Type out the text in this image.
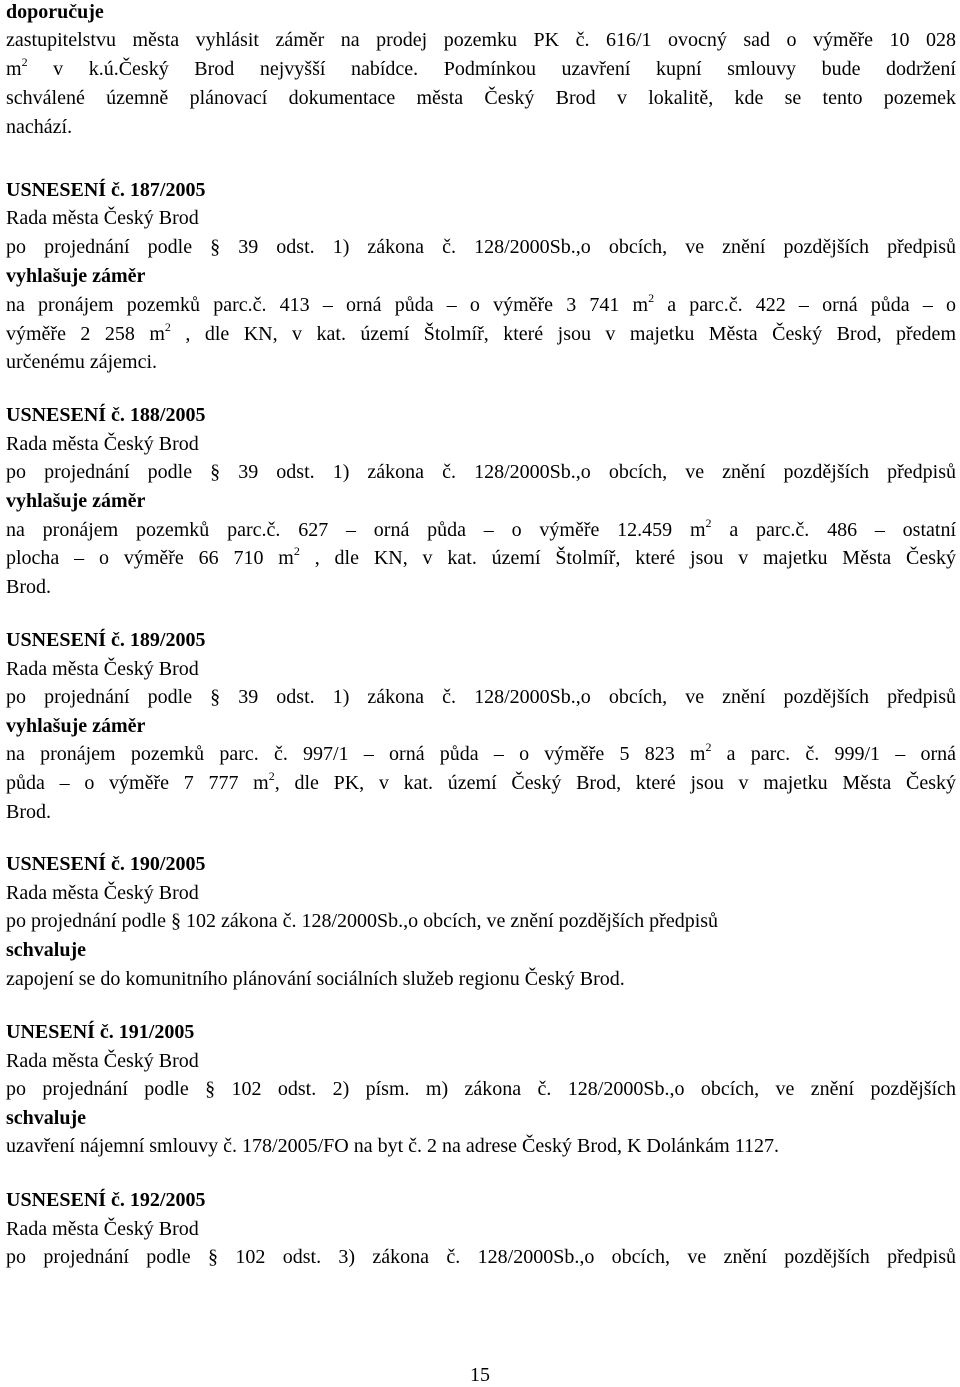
doporučuje
zastupitelstvu města vyhlásit záměr na prodej pozemku PK č. 616/1 ovocný sad o výměře 10 028
$m^2$ v k.ú.Český Brod nejvyšší nabídce. Podmínkou uzavření kupní smlouvy bude dodržení
schválené územně plánovací dokumentace města Český Brod v lokalitě, kde se tento pozemek
nachází.
USNESENÍ č. 187/2005
Rada města Český Brod
po projednání podle § 39 odst. 1) zákona č. 128/2000Sb.,o obcích, ve znění pozdějších předpisů
vyhlašuje záměr
na pronájem pozemků parc.č. 413 – orná půda – o výměře 3 741 $m^2$ a parc.č. 422 – orná půda – o
výměře 2 258 $m^2$ , dle KN, v kat. území Štolmíř, které jsou v majetku Města Český Brod, předem
určenému zájemci.
USNESENÍ č. 188/2005
Rada města Český Brod
po projednání podle § 39 odst. 1) zákona č. 128/2000Sb.,o obcích, ve znění pozdějších předpisů
vyhlašuje záměr
na pronájem pozemků parc.č. 627 – orná půda – o výměře 12.459 $m^2$ a parc.č. 486 – ostatní
plocha – o výměře 66 710 $m^2$ , dle KN, v kat. území Štolmíř, které jsou v majetku Města Český
Brod.
USNESENÍ č. 189/2005
Rada města Český Brod
po projednání podle § 39 odst. 1) zákona č. 128/2000Sb.,o obcích, ve znění pozdějších předpisů
vyhlašuje záměr
na pronájem pozemků parc. č. 997/1 – orná půda – o výměře 5 823 $m^2$ a parc. č. 999/1 – orná
půda – o výměře 7 777 $m^2$, dle PK, v kat. území Český Brod, které jsou v majetku Města Český
Brod.
USNESENÍ č. 190/2005
Rada města Český Brod
po projednání podle § 102 zákona č. 128/2000Sb.,o obcích, ve znění pozdějších předpisů
schvaluje
zapojení se do komunitního plánování sociálních služeb regionu Český Brod.
UNESENÍ č. 191/2005
Rada města Český Brod
po projednání podle § 102 odst. 2) písm. m) zákona č. 128/2000Sb.,o obcích, ve znění pozdějších
schvaluje
uzavření nájemní smlouvy č. 178/2005/FO na byt č. 2 na adrese Český Brod, K Dolánkám 1127.
USNESENÍ č. 192/2005
Rada města Český Brod
po projednání podle § 102 odst. 3) zákona č. 128/2000Sb.,o obcích, ve znění pozdějších předpisů
15
